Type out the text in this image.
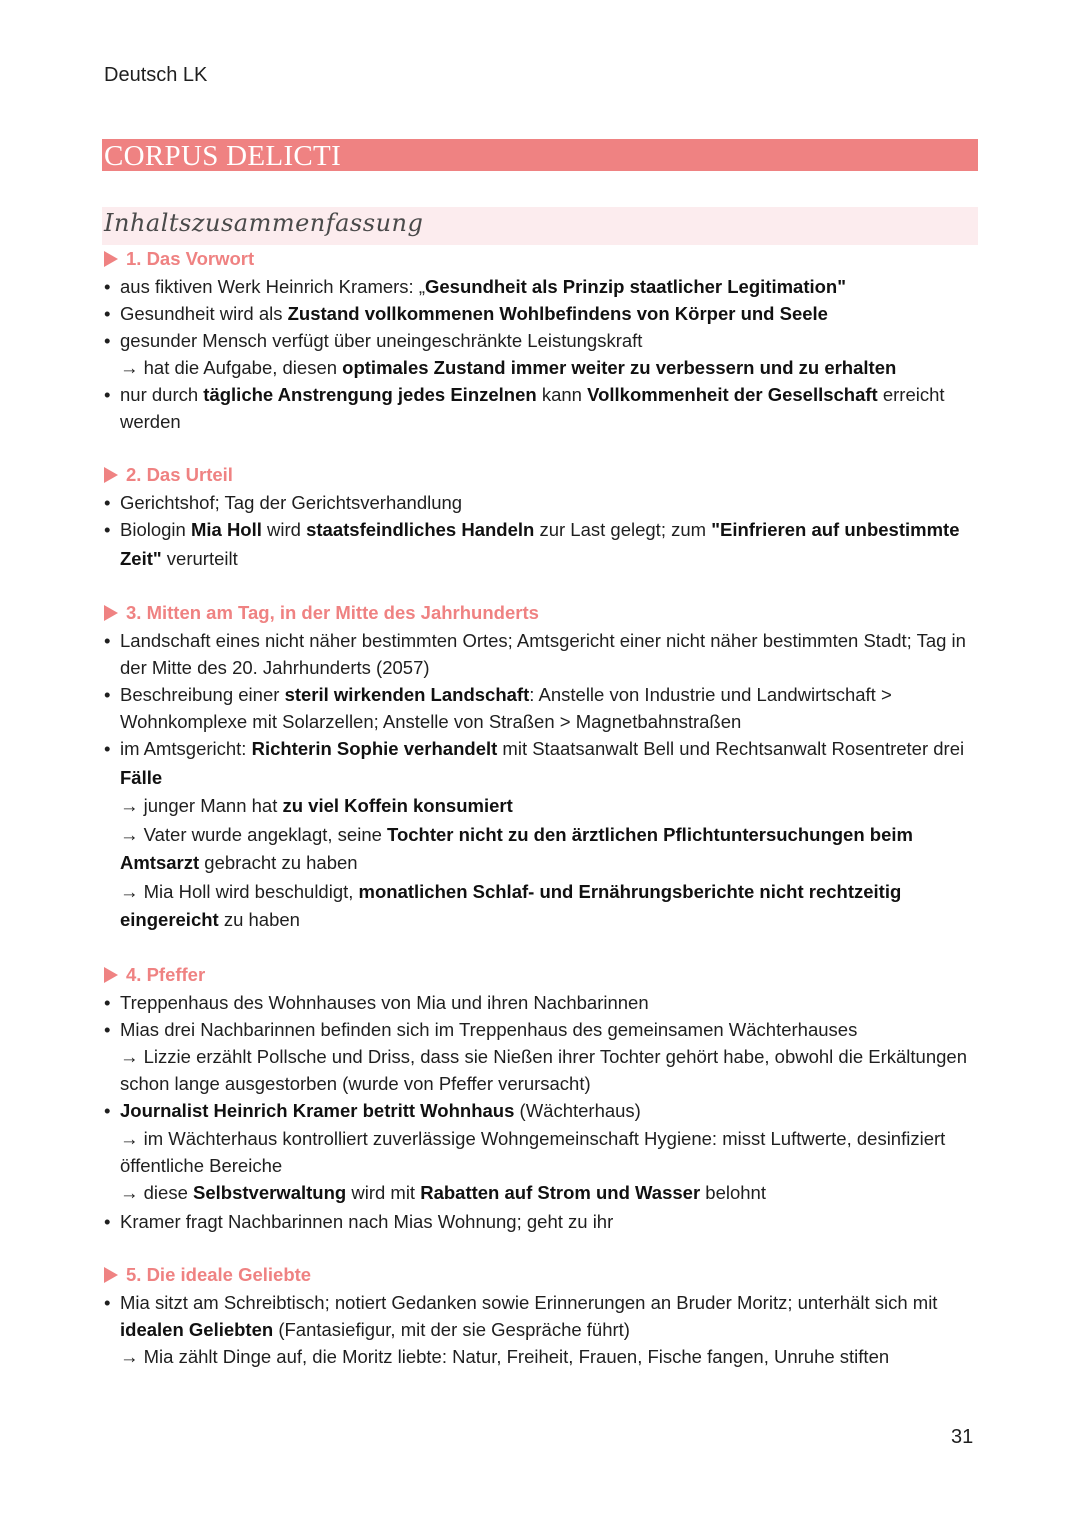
Deutsch LK
CORPUS DELICTI
Inhaltszusammenfassung
1. Das Vorwort
• aus fiktiven Werk Heinrich Kramers: „Gesundheit als Prinzip staatlicher Legitimation"
• Gesundheit wird als Zustand vollkommenen Wohlbefindens von Körper und Seele
• gesunder Mensch verfügt über uneingeschränkte Leistungskraft
→ hat die Aufgabe, diesen optimales Zustand immer weiter zu verbessern und zu erhalten
• nur durch tägliche Anstrengung jedes Einzelnen kann Vollkommenheit der Gesellschaft erreicht werden
2. Das Urteil
• Gerichtshof; Tag der Gerichtsverhandlung
• Biologin Mia Holl wird staatsfeindliches Handeln zur Last gelegt; zum "Einfrieren auf unbestimmte Zeit" verurteilt
3. Mitten am Tag, in der Mitte des Jahrhunderts
• Landschaft eines nicht näher bestimmten Ortes; Amtsgericht einer nicht näher bestimmten Stadt; Tag in der Mitte des 20. Jahrhunderts (2057)
• Beschreibung einer steril wirkenden Landschaft: Anstelle von Industrie und Landwirtschaft > Wohnkomplexe mit Solarzellen; Anstelle von Straßen > Magnetbahnstraßen
• im Amtsgericht: Richterin Sophie verhandelt mit Staatsanwalt Bell und Rechtsanwalt Rosentreter drei Fälle
→ junger Mann hat zu viel Koffein konsumiert
→ Vater wurde angeklagt, seine Tochter nicht zu den ärztlichen Pflichtuntersuchungen beim Amtsarzt gebracht zu haben
→ Mia Holl wird beschuldigt, monatlichen Schlaf- und Ernährungsberichte nicht rechtzeitig eingereicht zu haben
4. Pfeffer
• Treppenhaus des Wohnhauses von Mia und ihren Nachbarinnen
• Mias drei Nachbarinnen befinden sich im Treppenhaus des gemeinsamen Wächterhauses
→ Lizzie erzählt Pollsche und Driss, dass sie Nießen ihrer Tochter gehört habe, obwohl die Erkältungen schon lange ausgestorben (wurde von Pfeffer verursacht)
• Journalist Heinrich Kramer betritt Wohnhaus (Wächterhaus)
→ im Wächterhaus kontrolliert zuverlässige Wohngemeinschaft Hygiene: misst Luftwerte, desinfiziert öffentliche Bereiche
→ diese Selbstverwaltung wird mit Rabatten auf Strom und Wasser belohnt
• Kramer fragt Nachbarinnen nach Mias Wohnung; geht zu ihr
5. Die ideale Geliebte
• Mia sitzt am Schreibtisch; notiert Gedanken sowie Erinnerungen an Bruder Moritz; unterhält sich mit idealen Geliebten (Fantasiefigur, mit der sie Gespräche führt)
→ Mia zählt Dinge auf, die Moritz liebte: Natur, Freiheit, Frauen, Fische fangen, Unruhe stiften
31
